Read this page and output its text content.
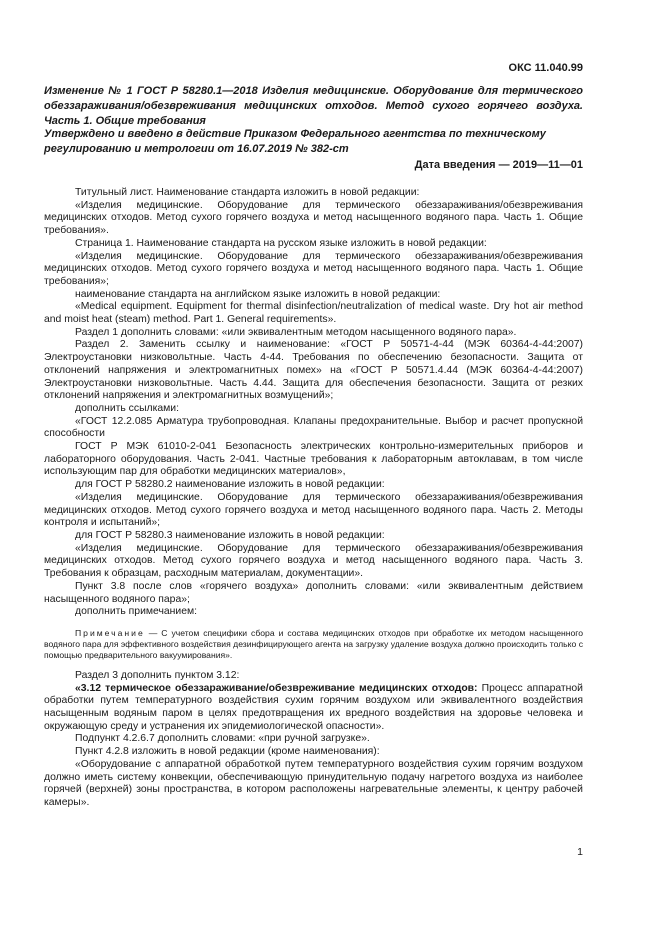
ОКС 11.040.99
Изменение № 1 ГОСТ Р 58280.1—2018 Изделия медицинские. Оборудование для термического обеззараживания/обезвреживания медицинских отходов. Метод сухого горячего воздуха. Часть 1. Общие требования
Утверждено и введено в действие Приказом Федерального агентства по техническому регулированию и метрологии от 16.07.2019 № 382-ст
Дата введения — 2019—11—01

Титульный лист. Наименование стандарта изложить в новой редакции:

«Изделия медицинские. Оборудование для термического обеззараживания/обезвреживания медицинских отходов. Метод сухого горячего воздуха и метод насыщенного водяного пара. Часть 1. Общие требования».

Страница 1. Наименование стандарта на русском языке изложить в новой редакции:

«Изделия медицинские. Оборудование для термического обеззараживания/обезвреживания медицинских отходов. Метод сухого горячего воздуха и метод насыщенного водяного пара. Часть 1. Общие требования»;

наименование стандарта на английском языке изложить в новой редакции:

«Medical equipment. Equipment for thermal disinfection/neutralization of medical waste. Dry hot air method and moist heat (steam) method. Part 1. General requirements».

Раздел 1 дополнить словами: «или эквивалентным методом насыщенного водяного пара».

Раздел 2. Заменить ссылку и наименование: «ГОСТ Р 50571-4-44 (МЭК 60364-4-44:2007) Электроустановки низковольтные. Часть 4-44. Требования по обеспечению безопасности. Защита от отклонений напряжения и электромагнитных помех» на «ГОСТ Р 50571.4.44 (МЭК 60364-4-44:2007) Электроустановки низковольтные. Часть 4.44. Защита для обеспечения безопасности. Защита от резких отклонений напряжения и электромагнитных возмущений»;

дополнить ссылками:

«ГОСТ 12.2.085 Арматура трубопроводная. Клапаны предохранительные. Выбор и расчет пропускной способности

ГОСТ Р МЭК 61010-2-041 Безопасность электрических контрольно-измерительных приборов и лабораторного оборудования. Часть 2-041. Частные требования к лабораторным автоклавам, в том числе использующим пар для обработки медицинских материалов»,

для ГОСТ Р 58280.2 наименование изложить в новой редакции:

«Изделия медицинские. Оборудование для термического обеззараживания/обезвреживания медицинских отходов. Метод сухого горячего воздуха и метод насыщенного водяного пара. Часть 2. Методы контроля и испытаний»;

для ГОСТ Р 58280.3 наименование изложить в новой редакции:

«Изделия медицинские. Оборудование для термического обеззараживания/обезвреживания медицинских отходов. Метод сухого горячего воздуха и метод насыщенного водяного пара. Часть 3. Требования к образцам, расходным материалам, документации».

Пункт 3.8 после слов «горячего воздуха» дополнить словами: «или эквивалентным действием насыщенного водяного пара»;

дополнить примечанием:

Примечание — С учетом специфики сбора и состава медицинских отходов при обработке их методом насыщенного водяного пара для эффективного воздействия дезинфицирующего агента на загрузку удаление воздуха должно происходить только с помощью предварительного вакуумирования».

Раздел 3 дополнить пунктом 3.12:

«3.12 термическое обеззараживание/обезвреживание медицинских отходов: Процесс аппаратной обработки путем температурного воздействия сухим горячим воздухом или эквивалентного воздействия насыщенным водяным паром в целях предотвращения их вредного воздействия на здоровье человека и окружающую среду и устранения их эпидемиологической опасности».

Подпункт 4.2.6.7 дополнить словами: «при ручной загрузке».

Пункт 4.2.8 изложить в новой редакции (кроме наименования):

«Оборудование с аппаратной обработкой путем температурного воздействия сухим горячим воздухом должно иметь систему конвекции, обеспечивающую принудительную подачу нагретого воздуха из наиболее горячей (верхней) зоны пространства, в котором расположены нагревательные элементы, к центру рабочей камеры».

1
